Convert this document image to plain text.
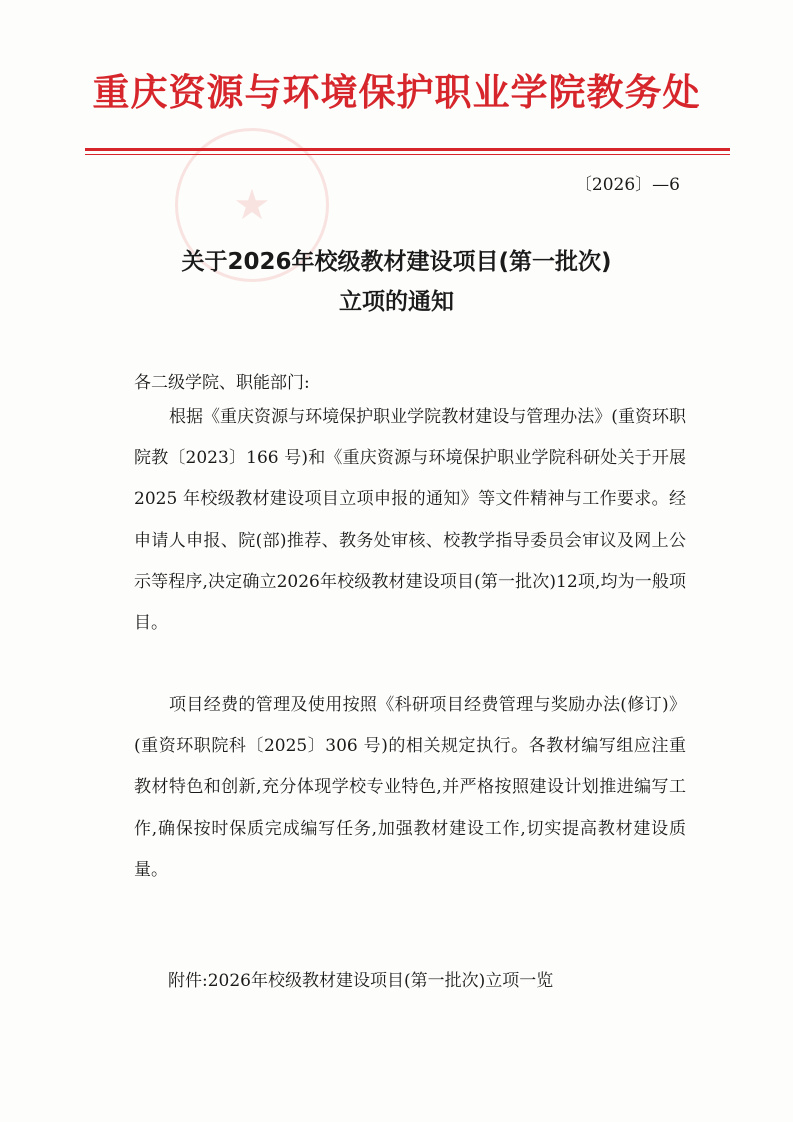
重庆资源与环境保护职业学院教务处
★	〔2026〕—6
关于2026年校级教材建设项目(第一批次)
立项的通知
各二级学院、职能部门:
根据《重庆资源与环境保护职业学院教材建设与管理办法》(重资环职院教〔2023〕166 号)和《重庆资源与环境保护职业学院科研处关于开展 2025 年校级教材建设项目立项申报的通知》等文件精神与工作要求。经申请人申报、院(部)推荐、教务处审核、校教学指导委员会审议及网上公示等程序,决定确立2026年校级教材建设项目(第一批次)12项,均为一般项目。
项目经费的管理及使用按照《科研项目经费管理与奖励办法(修订)》(重资环职院科〔2025〕306 号)的相关规定执行。各教材编写组应注重教材特色和创新,充分体现学校专业特色,并严格按照建设计划推进编写工作,确保按时保质完成编写任务,加强教材建设工作,切实提高教材建设质量。
附件:2026年校级教材建设项目(第一批次)立项一览
